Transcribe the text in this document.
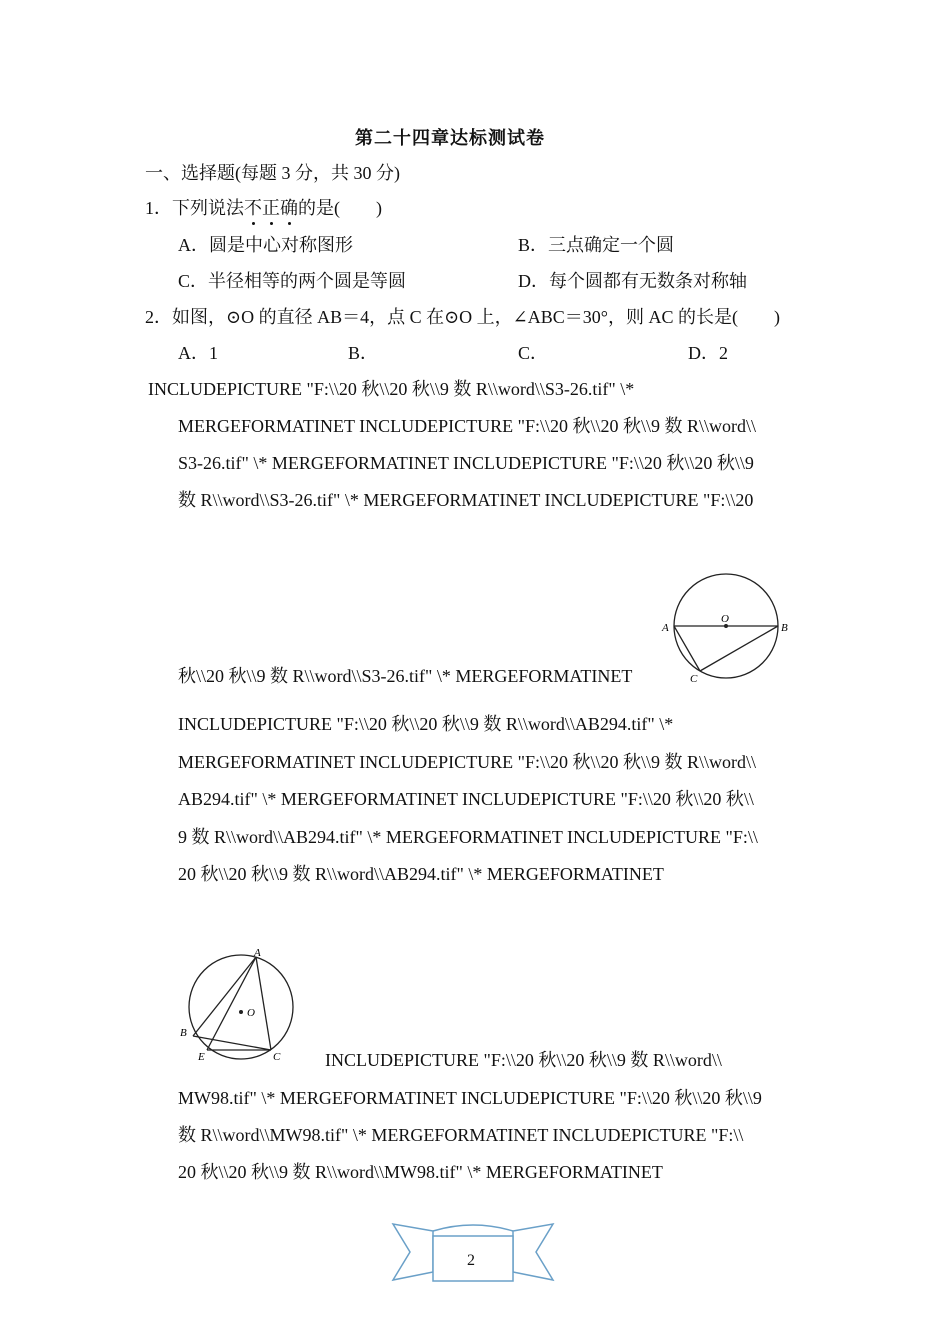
第二十四章达标测试卷
一、选择题(每题 3 分，共 30 分)
1．下列说法不正确的是(　　)
A．圆是中心对称图形	B．三点确定一个圆
C．半径相等的两个圆是等圆	D．每个圆都有无数条对称轴
2．如图，⊙O 的直径 AB＝4，点 C 在⊙O 上，∠ABC＝30°，则 AC 的长是(　　)
A．1	B．	C．	D．2
INCLUDEPICTURE "F:\\20 秋\\20 秋\\9 数 R\\word\\S3-26.tif" \*
MERGEFORMATINET INCLUDEPICTURE "F:\\20 秋\\20 秋\\9 数 R\\word\\
S3-26.tif" \* MERGEFORMATINET INCLUDEPICTURE "F:\\20 秋\\20 秋\\9
数 R\\word\\S3-26.tif" \* MERGEFORMATINET INCLUDEPICTURE "F:\\20
秋\\20 秋\\9 数 R\\word\\S3-26.tif" \* MERGEFORMATINET
INCLUDEPICTURE "F:\\20 秋\\20 秋\\9 数 R\\word\\AB294.tif" \*
MERGEFORMATINET INCLUDEPICTURE "F:\\20 秋\\20 秋\\9 数 R\\word\\
AB294.tif" \* MERGEFORMATINET INCLUDEPICTURE "F:\\20 秋\\20 秋\\
9 数 R\\word\\AB294.tif" \* MERGEFORMATINET INCLUDEPICTURE "F:\\
20 秋\\20 秋\\9 数 R\\word\\AB294.tif" \* MERGEFORMATINET
INCLUDEPICTURE "F:\\20 秋\\20 秋\\9 数 R\\word\\
MW98.tif" \* MERGEFORMATINET INCLUDEPICTURE "F:\\20 秋\\20 秋\\9
数 R\\word\\MW98.tif" \* MERGEFORMATINET INCLUDEPICTURE "F:\\
20 秋\\20 秋\\9 数 R\\word\\MW98.tif" \* MERGEFORMATINET
A	B
C
O
A
B
C
E
O
2
